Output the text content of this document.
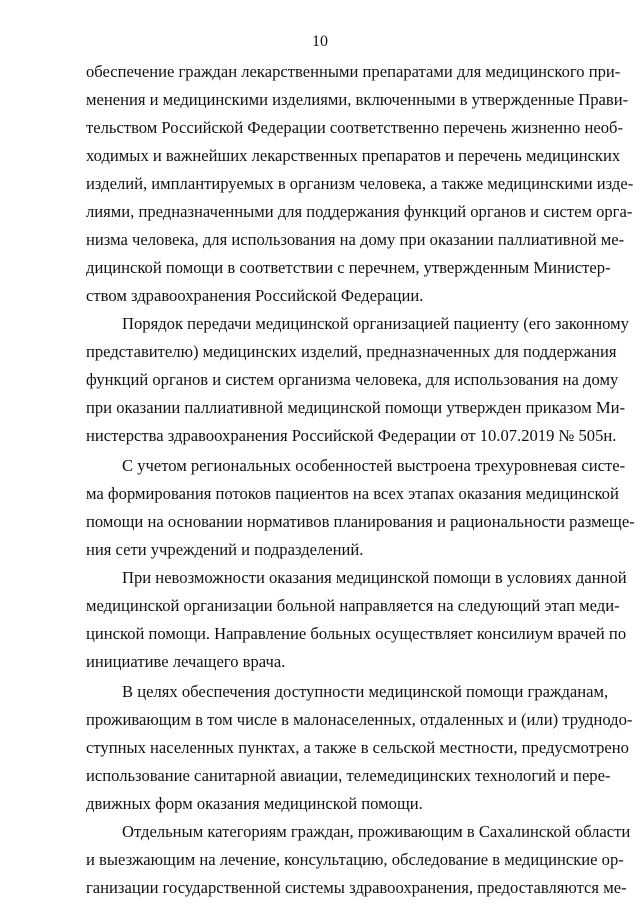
10
обеспечение граждан лекарственными препаратами для медицинского при-
менения и медицинскими изделиями, включенными в утвержденные Прави-
тельством Российской Федерации соответственно перечень жизненно необ-
ходимых и важнейших лекарственных препаратов и перечень медицинских
изделий, имплантируемых в организм человека, а также медицинскими изде-
лиями, предназначенными для поддержания функций органов и систем орга-
низма человека, для использования на дому при оказании паллиативной ме-
дицинской помощи в соответствии с перечнем, утвержденным Министер-
ством здравоохранения Российской Федерации.
Порядок передачи медицинской организацией пациенту (его законному
представителю) медицинских изделий, предназначенных для поддержания
функций органов и систем организма человека, для использования на дому
при оказании паллиативной медицинской помощи утвержден приказом Ми-
нистерства здравоохранения Российской Федерации от 10.07.2019 № 505н.
С учетом региональных особенностей выстроена трехуровневая систе-
ма формирования потоков пациентов на всех этапах оказания медицинской
помощи на основании нормативов планирования и рациональности размеще-
ния сети учреждений и подразделений.
При невозможности оказания медицинской помощи в условиях данной
медицинской организации больной направляется на следующий этап меди-
цинской помощи. Направление больных осуществляет консилиум врачей по
инициативе лечащего врача.
В целях обеспечения доступности медицинской помощи гражданам,
проживающим в том числе в малонаселенных, отдаленных и (или) труднодо-
ступных населенных пунктах, а также в сельской местности, предусмотрено
использование санитарной авиации, телемедицинских технологий и пере-
движных форм оказания медицинской помощи.
Отдельным категориям граждан, проживающим в Сахалинской области
и выезжающим на лечение, консультацию, обследование в медицинские ор-
ганизации государственной системы здравоохранения, предоставляются ме-
